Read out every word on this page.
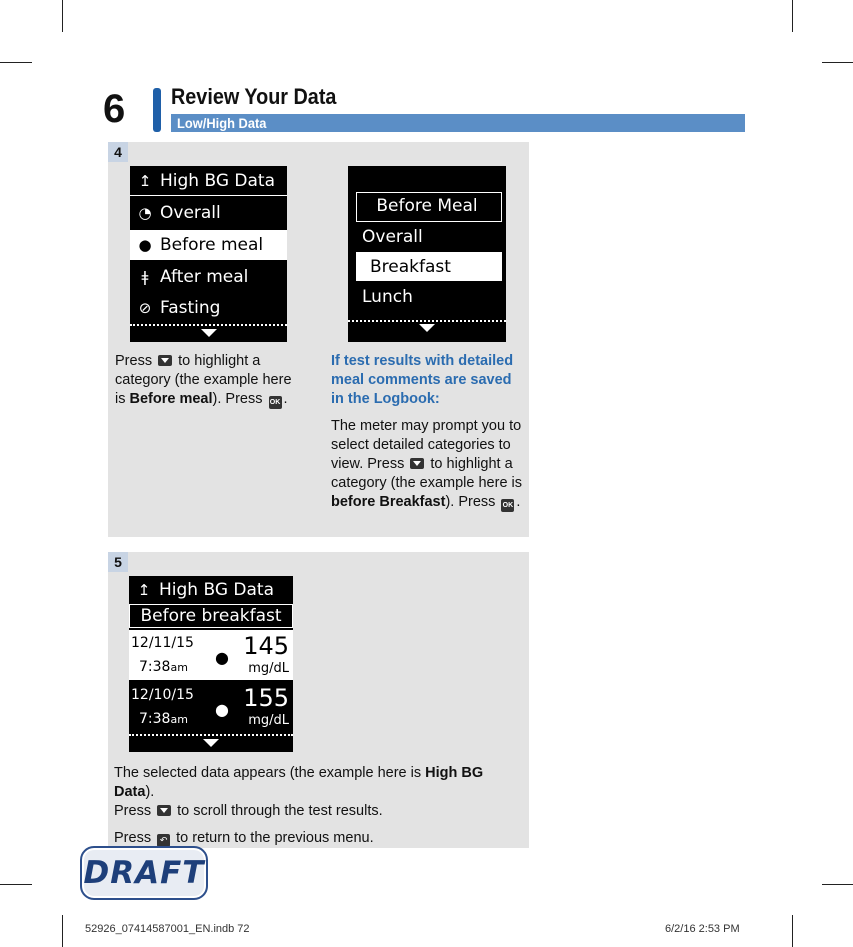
6 Review Your Data
Low/High Data
4
↥ High BG Data
◔ Overall
● Before meal
ǂ After meal
⊘ Fasting
Before Meal
Overall
Breakfast
Lunch

Press to highlight a category (the example here is Before meal). Press OK .

If test results with detailed meal comments are saved in the Logbook:

The meter may prompt you to select detailed categories to view. Press to highlight a category (the example here is before Breakfast). Press OK .

5
↥ High BG Data
Before breakfast
12/11/15
7:38am
● 145
mg/dL
12/10/15
7:38am
● 155
mg/dL

The selected data appears (the example here is High BG Data).
Press to scroll through the test results.

Press ↶ to return to the previous menu.

DRAFT
52926_07414587001_EN.indb 72	6/2/16 2:53 PM
